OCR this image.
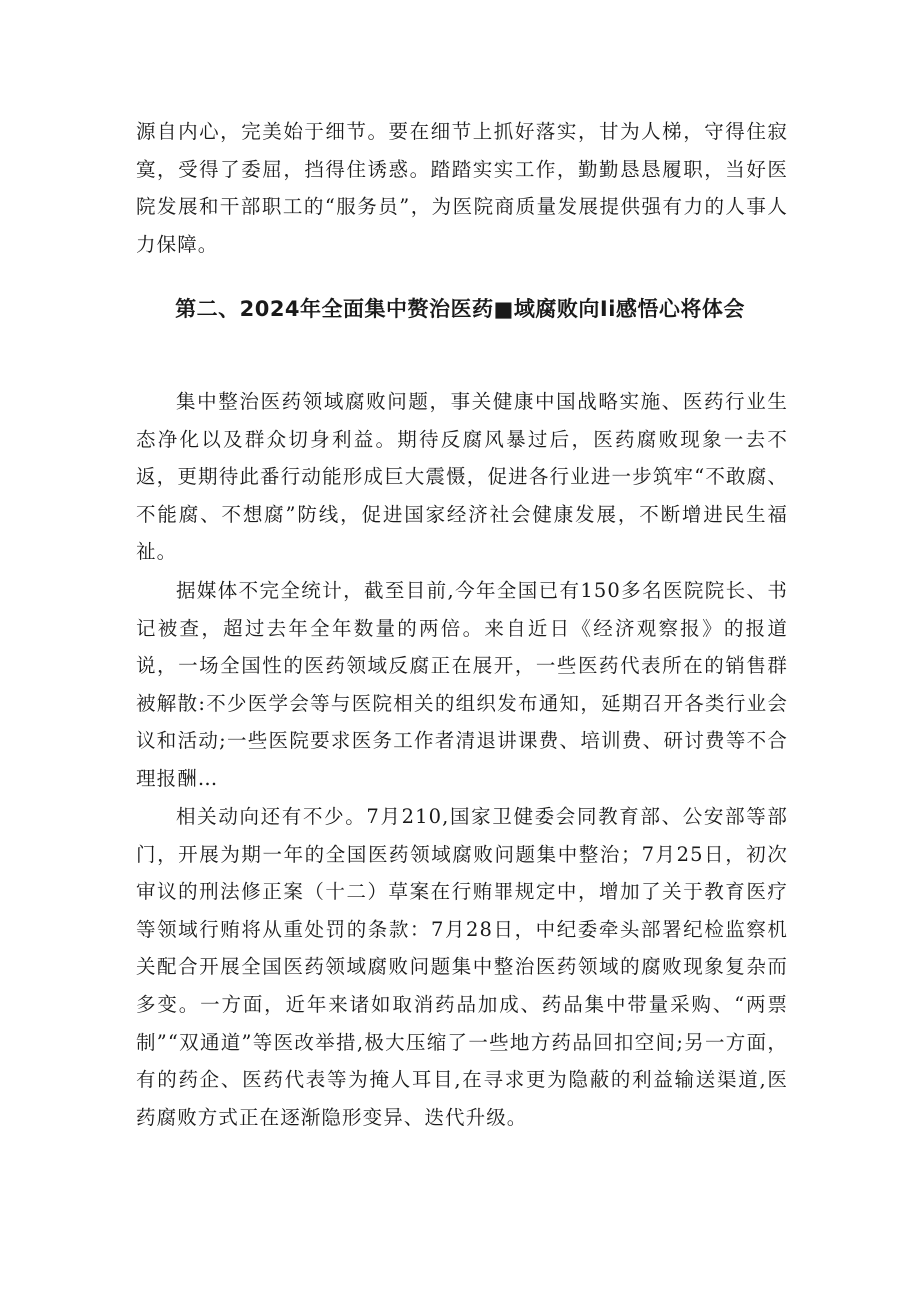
源自内心，完美始于细节。要在细节上抓好落实，甘为人梯，守得住寂寞，受得了委屈，挡得住诱惑。踏踏实实工作，勤勤恳恳履职，当好医院发展和干部职工的“服务员”，为医院商质量发展提供强有力的人事人力保障。

第二、2024年全面集中赘治医药■域腐败向Ii感悟心将体会

集中整治医药领域腐败问题，事关健康中国战略实施、医药行业生态净化以及群众切身利益。期待反腐风暴过后，医药腐败现象一去不返，更期待此番行动能形成巨大震慑，促进各行业进一步筑牢“不敢腐、不能腐、不想腐”防线，促进国家经济社会健康发展，不断增进民生福祉。

据媒体不完全统计，截至目前,今年全国已有150多名医院院长、书记被查，超过去年全年数量的两倍。来自近日《经济观察报》的报道说，一场全国性的医药领域反腐正在展开，一些医药代表所在的销售群被解散:不少医学会等与医院相关的组织发布通知，延期召开各类行业会议和活动;一些医院要求医务工作者清退讲课费、培训费、研讨费等不合理报酬…

相关动向还有不少。7月210,国家卫健委会同教育部、公安部等部门，开展为期一年的全国医药领域腐败问题集中整治；7月25日，初次审议的刑法修正案（十二）草案在行贿罪规定中，增加了关于教育医疗等领域行贿将从重处罚的条款：7月28日，中纪委牵头部署纪检监察机关配合开展全国医药领域腐败问题集中整治医药领域的腐败现象复杂而多变。一方面，近年来诸如取消药品加成、药品集中带量采购、“两票制”“双通道”等医改举措,极大压缩了一些地方药品回扣空间;另一方面，有的药企、医药代表等为掩人耳目,在寻求更为隐蔽的利益输送渠道,医药腐败方式正在逐渐隐形变异、迭代升级。
